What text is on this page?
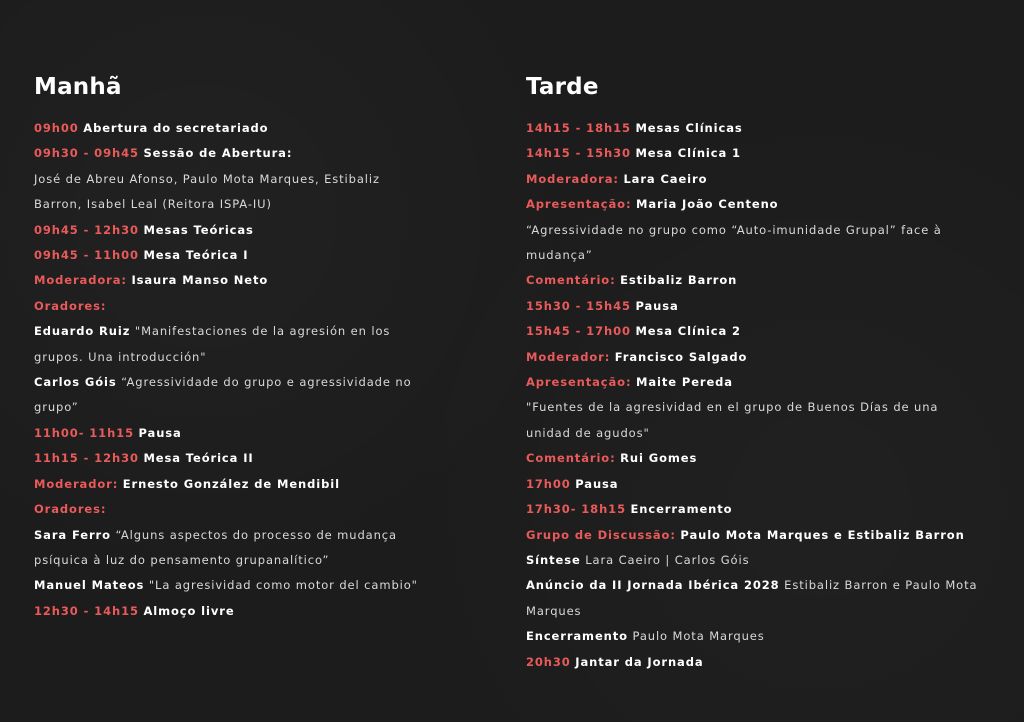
Manhã
09h00 Abertura do secretariado
09h30 - 09h45 Sessão de Abertura:
José de Abreu Afonso, Paulo Mota Marques, Estibaliz
Barron, Isabel Leal (Reitora ISPA-IU)
09h45 - 12h30 Mesas Teóricas
09h45 - 11h00 Mesa Teórica I
Moderadora: Isaura Manso Neto
Oradores:
Eduardo Ruiz "Manifestaciones de la agresión en los
grupos. Una introducción"
Carlos Góis “Agressividade do grupo e agressividade no
grupo”
11h00- 11h15 Pausa
11h15 - 12h30 Mesa Teórica II
Moderador: Ernesto González de Mendibil
Oradores:
Sara Ferro “Alguns aspectos do processo de mudança
psíquica à luz do pensamento grupanalítico”
Manuel Mateos "La agresividad como motor del cambio"
12h30 - 14h15 Almoço livre
Tarde
14h15 - 18h15 Mesas Clínicas
14h15 - 15h30 Mesa Clínica 1
Moderadora: Lara Caeiro
Apresentação: Maria João Centeno
“Agressividade no grupo como “Auto-imunidade Grupal” face à
mudança”
Comentário: Estibaliz Barron
15h30 - 15h45 Pausa
15h45 - 17h00 Mesa Clínica 2
Moderador: Francisco Salgado
Apresentação: Maite Pereda
"Fuentes de la agresividad en el grupo de Buenos Días de una
unidad de agudos"
Comentário: Rui Gomes
17h00 Pausa
17h30- 18h15 Encerramento
Grupo de Discussão: Paulo Mota Marques e Estibaliz Barron
Síntese Lara Caeiro | Carlos Góis
Anúncio da II Jornada Ibérica 2028 Estibaliz Barron e Paulo Mota
Marques
Encerramento Paulo Mota Marques
20h30 Jantar da Jornada
